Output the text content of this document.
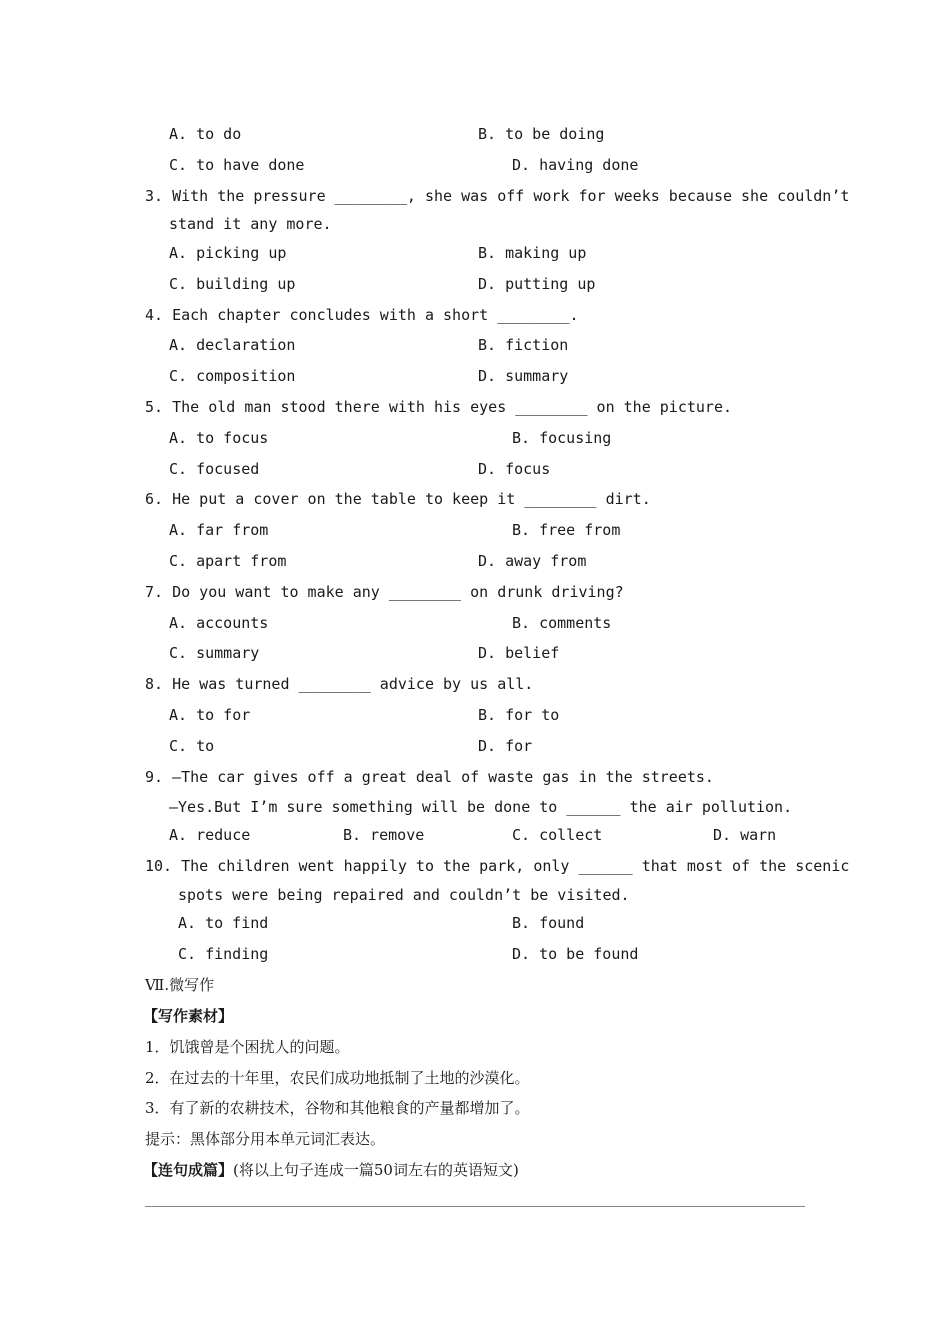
A. to do	B. to be doing
C. to have done	D. having done
3. With the pressure ________, she was off work for weeks because she couldn’t
stand it any more.
A. picking up	B. making up
C. building up	D. putting up
4. Each chapter concludes with a short ________.
A. declaration	B. fiction
C. composition	D. summary
5. The old man stood there with his eyes ________ on the picture.
A. to focus	B. focusing
C. focused	D. focus
6. He put a cover on the table to keep it ________ dirt.
A. far from	B. free from
C. apart from	D. away from
7. Do you want to make any ________ on drunk driving?
A. accounts	B. comments
C. summary	D. belief
8. He was turned ________ advice by us all.
A. to for	B. for to
C. to	D. for
9. —The car gives off a great deal of waste gas in the streets.
—Yes.But I’m sure something will be done to ______ the air pollution.
A. reduce	B. remove	C. collect	D. warn
10. The children went happily to the park, only ______ that most of the scenic
spots were being repaired and couldn’t be visited.
A. to find	B. found
C. finding	D. to be found
Ⅶ.微写作
【写作素材】
1．饥饿曾是个困扰人的问题。
2．在过去的十年里，农民们成功地抵制了土地的沙漠化。
3．有了新的农耕技术，谷物和其他粮食的产量都增加了。
提示：黑体部分用本单元词汇表达。
【连句成篇】(将以上句子连成一篇50词左右的英语短文)
